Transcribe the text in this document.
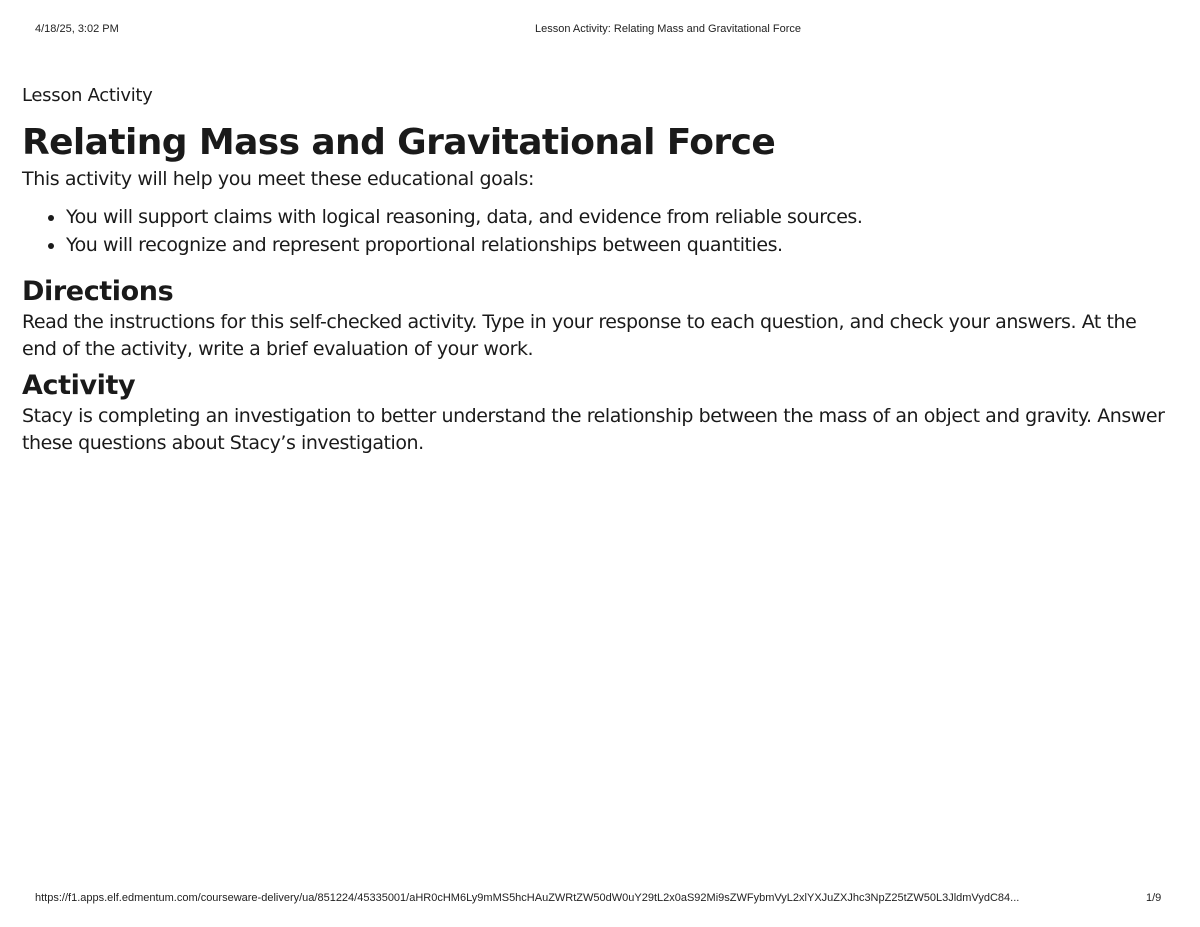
4/18/25, 3:02 PM	Lesson Activity: Relating Mass and Gravitational Force

Lesson Activity

Relating Mass and Gravitational Force

This activity will help you meet these educational goals:

• You will support claims with logical reasoning, data, and evidence from reliable sources.
• You will recognize and represent proportional relationships between quantities.
Directions

Read the instructions for this self-checked activity. Type in your response to each question, and check your answers. At the end of the activity, write a brief evaluation of your work.

Activity

Stacy is completing an investigation to better understand the relationship between the mass of an object and gravity. Answer these questions about Stacy’s investigation.

https://f1.apps.elf.edmentum.com/courseware-delivery/ua/851224/45335001/aHR0cHM6Ly9mMS5hcHAuZWRtZW50dW0uY29tL2x0aS92Mi9sZWFybmVyL2xlYXJuZXJhc3NpZ25tZW50L3JldmVydC84...	1/9
